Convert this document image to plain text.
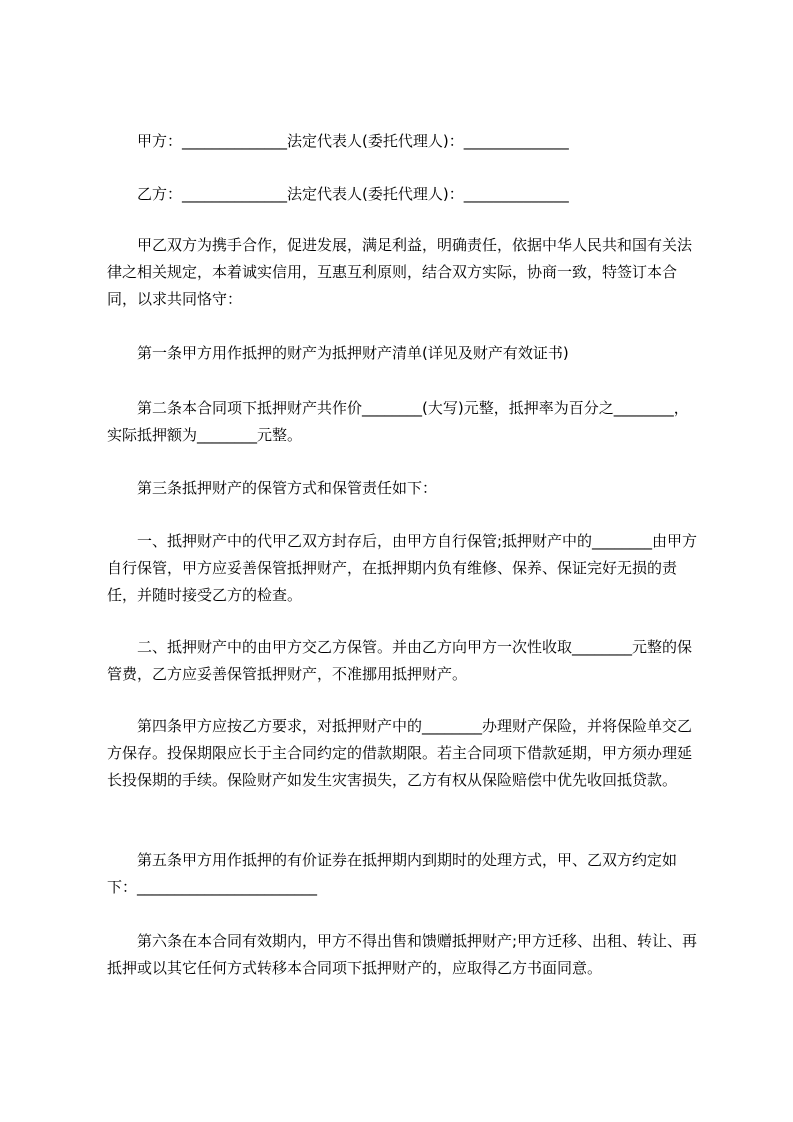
　　甲方：______________法定代表人(委托代理人)：______________

　　乙方：______________法定代表人(委托代理人)：______________

　　甲乙双方为携手合作，促进发展，满足利益，明确责任，依据中华人民共和国有关法律之相关规定，本着诚实信用，互惠互利原则，结合双方实际，协商一致，特签订本合同，以求共同恪守：

　　第一条甲方用作抵押的财产为抵押财产清单(详见及财产有效证书)

　　第二条本合同项下抵押财产共作价________(大写)元整，抵押率为百分之________，实际抵押额为________元整。

　　第三条抵押财产的保管方式和保管责任如下：

　　一、抵押财产中的代甲乙双方封存后，由甲方自行保管;抵押财产中的________由甲方自行保管，甲方应妥善保管抵押财产，在抵押期内负有维修、保养、保证完好无损的责任，并随时接受乙方的检查。

　　二、抵押财产中的由甲方交乙方保管。并由乙方向甲方一次性收取________元整的保管费，乙方应妥善保管抵押财产，不准挪用抵押财产。

　　第四条甲方应按乙方要求，对抵押财产中的________办理财产保险，并将保险单交乙方保存。投保期限应长于主合同约定的借款期限。若主合同项下借款延期，甲方须办理延长投保期的手续。保险财产如发生灾害损失，乙方有权从保险赔偿中优先收回抵贷款。

　　第五条甲方用作抵押的有价证券在抵押期内到期时的处理方式，甲、乙双方约定如下：________________________

　　第六条在本合同有效期内，甲方不得出售和馈赠抵押财产;甲方迁移、出租、转让、再抵押或以其它任何方式转移本合同项下抵押财产的，应取得乙方书面同意。
